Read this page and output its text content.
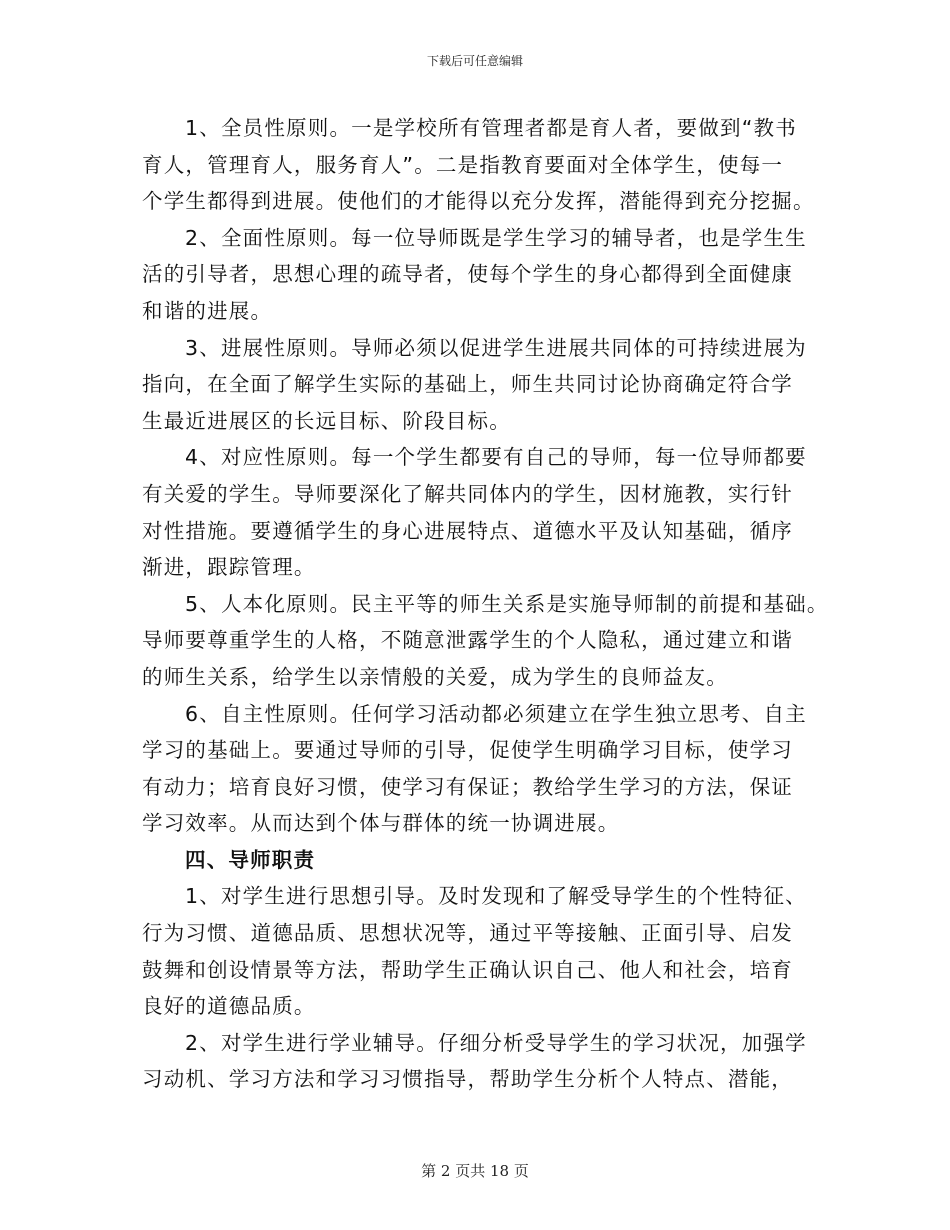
下载后可任意编辑
1、全员性原则。一是学校所有管理者都是育人者，要做到“教书
育人，管理育人，服务育人”。二是指教育要面对全体学生，使每一
个学生都得到进展。使他们的才能得以充分发挥，潜能得到充分挖掘。
2、全面性原则。每一位导师既是学生学习的辅导者，也是学生生
活的引导者，思想心理的疏导者，使每个学生的身心都得到全面健康
和谐的进展。
3、进展性原则。导师必须以促进学生进展共同体的可持续进展为
指向，在全面了解学生实际的基础上，师生共同讨论协商确定符合学
生最近进展区的长远目标、阶段目标。
4、对应性原则。每一个学生都要有自己的导师，每一位导师都要
有关爱的学生。导师要深化了解共同体内的学生，因材施教，实行针
对性措施。要遵循学生的身心进展特点、道德水平及认知基础，循序
渐进，跟踪管理。
5、人本化原则。民主平等的师生关系是实施导师制的前提和基础。
导师要尊重学生的人格，不随意泄露学生的个人隐私，通过建立和谐
的师生关系，给学生以亲情般的关爱，成为学生的良师益友。
6、自主性原则。任何学习活动都必须建立在学生独立思考、自主
学习的基础上。要通过导师的引导，促使学生明确学习目标，使学习
有动力；培育良好习惯，使学习有保证；教给学生学习的方法，保证
学习效率。从而达到个体与群体的统一协调进展。
四、导师职责
1、对学生进行思想引导。及时发现和了解受导学生的个性特征、
行为习惯、道德品质、思想状况等，通过平等接触、正面引导、启发
鼓舞和创设情景等方法，帮助学生正确认识自己、他人和社会，培育
良好的道德品质。
2、对学生进行学业辅导。仔细分析受导学生的学习状况，加强学
习动机、学习方法和学习习惯指导，帮助学生分析个人特点、潜能，
第 2 页共 18 页
